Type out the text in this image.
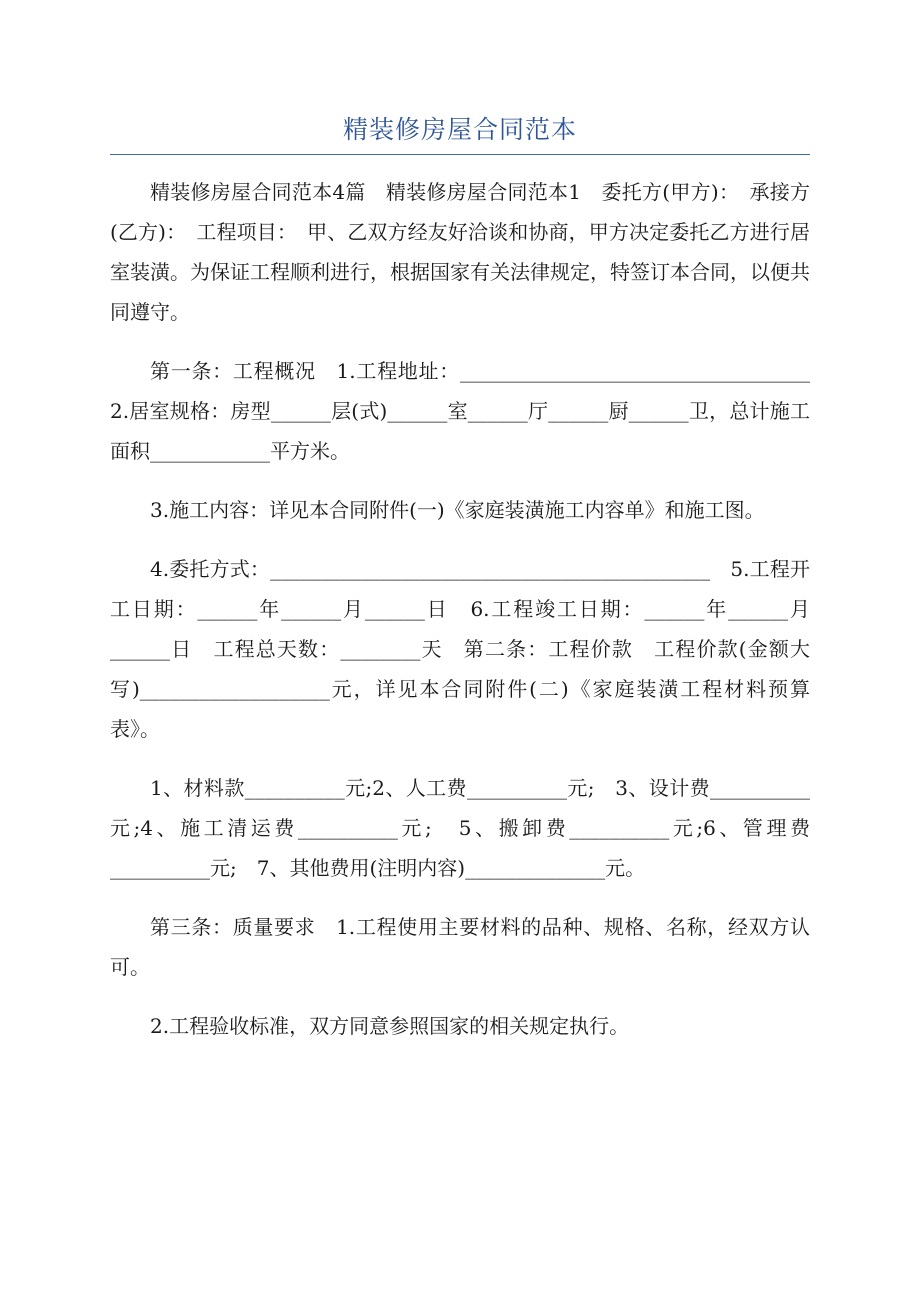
精装修房屋合同范本

精装修房屋合同范本4篇　精装修房屋合同范本1　委托方(甲方)：　承接方(乙方)：　工程项目：　甲、乙双方经友好洽谈和协商，甲方决定委托乙方进行居室装潢。为保证工程顺利进行，根据国家有关法律规定，特签订本合同，以便共同遵守。

第一条：工程概况　1.工程地址：___________________________________　2.居室规格：房型______层(式)______室______厅______厨______卫，总计施工面积____________平方米。

3.施工内容：详见本合同附件(一)《家庭装潢施工内容单》和施工图。

4.委托方式：____________________________________________　5.工程开工日期：______年______月______日　6.工程竣工日期：______年______月______日　工程总天数：________天　第二条：工程价款　工程价款(金额大写)___________________元，详见本合同附件(二)《家庭装潢工程材料预算表》。

1、材料款__________元;2、人工费__________元;　3、设计费__________元;4、施工清运费__________元;　5、搬卸费__________元;6、管理费__________元;　7、其他费用(注明内容)______________元。

第三条：质量要求　1.工程使用主要材料的品种、规格、名称，经双方认可。

2.工程验收标准，双方同意参照国家的相关规定执行。
